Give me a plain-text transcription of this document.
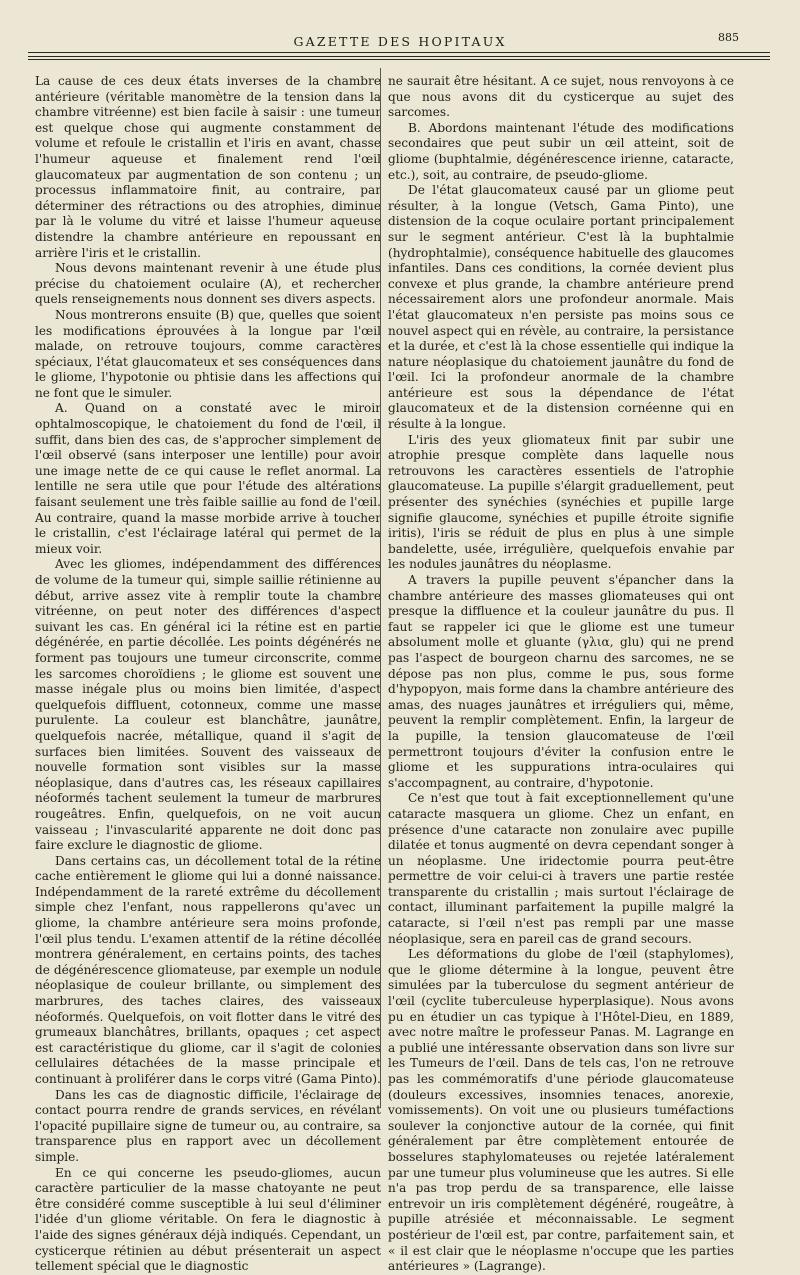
GAZETTE DES HOPITAUX	885

La cause de ces deux états inverses de la chambre antérieure (véritable manomètre de la tension dans la chambre vitréenne) est bien facile à saisir : une tumeur est quelque chose qui augmente constamment de volume et refoule le cristallin et l'iris en avant, chasse l'humeur aqueuse et finalement rend l'œil glaucomateux par augmentation de son contenu ; un processus inflammatoire finit, au contraire, par déterminer des rétractions ou des atrophies, diminue par là le volume du vitré et laisse l'humeur aqueuse distendre la chambre antérieure en repoussant en arrière l'iris et le cristallin.

Nous devons maintenant revenir à une étude plus précise du chatoiement oculaire (A), et rechercher quels renseignements nous donnent ses divers aspects.

Nous montrerons ensuite (B) que, quelles que soient les modifications éprouvées à la longue par l'œil malade, on retrouve toujours, comme caractères spéciaux, l'état glaucomateux et ses conséquences dans le gliome, l'hypotonie ou phtisie dans les affections qui ne font que le simuler.

A. Quand on a constaté avec le miroir ophtalmoscopique, le chatoiement du fond de l'œil, il suffit, dans bien des cas, de s'approcher simplement de l'œil observé (sans interposer une lentille) pour avoir une image nette de ce qui cause le reflet anormal. La lentille ne sera utile que pour l'étude des altérations faisant seulement une très faible saillie au fond de l'œil. Au contraire, quand la masse morbide arrive à toucher le cristallin, c'est l'éclairage latéral qui permet de la mieux voir.

Avec les gliomes, indépendamment des différences de volume de la tumeur qui, simple saillie rétinienne au début, arrive assez vite à remplir toute la chambre vitréenne, on peut noter des différences d'aspect suivant les cas. En général ici la rétine est en partie dégénérée, en partie décollée. Les points dégénérés ne forment pas toujours une tumeur circonscrite, comme les sarcomes choroïdiens ; le gliome est souvent une masse inégale plus ou moins bien limitée, d'aspect quelquefois diffluent, cotonneux, comme une masse purulente. La couleur est blanchâtre, jaunâtre, quelquefois nacrée, métallique, quand il s'agit de surfaces bien limitées. Souvent des vaisseaux de nouvelle formation sont visibles sur la masse néoplasique, dans d'autres cas, les réseaux capillaires néoformés tachent seulement la tumeur de marbrures rougeâtres. Enfin, quelquefois, on ne voit aucun vaisseau ; l'invascularité apparente ne doit donc pas faire exclure le diagnostic de gliome.

Dans certains cas, un décollement total de la rétine cache entièrement le gliome qui lui a donné naissance. Indépendamment de la rareté extrême du décollement simple chez l'enfant, nous rappellerons qu'avec un gliome, la chambre antérieure sera moins profonde, l'œil plus tendu. L'examen attentif de la rétine décollée montrera généralement, en certains points, des taches de dégénérescence gliomateuse, par exemple un nodule néoplasique de couleur brillante, ou simplement des marbrures, des taches claires, des vaisseaux néoformés. Quelquefois, on voit flotter dans le vitré des grumeaux blanchâtres, brillants, opaques ; cet aspect est caractéristique du gliome, car il s'agit de colonies cellulaires détachées de la masse principale et continuant à proliférer dans le corps vitré (Gama Pinto).

Dans les cas de diagnostic difficile, l'éclairage de contact pourra rendre de grands services, en révélant l'opacité pupillaire signe de tumeur ou, au contraire, sa transparence plus en rapport avec un décollement simple.

En ce qui concerne les pseudo-gliomes, aucun caractère particulier de la masse chatoyante ne peut être considéré comme susceptible à lui seul d'éliminer l'idée d'un gliome véritable. On fera le diagnostic à l'aide des signes généraux déjà indiqués. Cependant, un cysticerque rétinien au début présenterait un aspect tellement spécial que le diagnostic

ne saurait être hésitant. A ce sujet, nous renvoyons à ce que nous avons dit du cysticerque au sujet des sarcomes.

B. Abordons maintenant l'étude des modifications secondaires que peut subir un œil atteint, soit de gliome (buphtalmie, dégénérescence irienne, cataracte, etc.), soit, au contraire, de pseudo-gliome.

De l'état glaucomateux causé par un gliome peut résulter, à la longue (Vetsch, Gama Pinto), une distension de la coque oculaire portant principalement sur le segment antérieur. C'est là la buphtalmie (hydrophtalmie), conséquence habituelle des glaucomes infantiles. Dans ces conditions, la cornée devient plus convexe et plus grande, la chambre antérieure prend nécessairement alors une profondeur anormale. Mais l'état glaucomateux n'en persiste pas moins sous ce nouvel aspect qui en révèle, au contraire, la persistance et la durée, et c'est là la chose essentielle qui indique la nature néoplasique du chatoiement jaunâtre du fond de l'œil. Ici la profondeur anormale de la chambre antérieure est sous la dépendance de l'état glaucomateux et de la distension cornéenne qui en résulte à la longue.

L'iris des yeux gliomateux finit par subir une atrophie presque complète dans laquelle nous retrouvons les caractères essentiels de l'atrophie glaucomateuse. La pupille s'élargit graduellement, peut présenter des synéchies (synéchies et pupille large signifie glaucome, synéchies et pupille étroite signifie iritis), l'iris se réduit de plus en plus à une simple bandelette, usée, irrégulière, quelquefois envahie par les nodules jaunâtres du néoplasme.

A travers la pupille peuvent s'épancher dans la chambre antérieure des masses gliomateuses qui ont presque la diffluence et la couleur jaunâtre du pus. Il faut se rappeler ici que le gliome est une tumeur absolument molle et gluante (γλια, glu) qui ne prend pas l'aspect de bourgeon charnu des sarcomes, ne se dépose pas non plus, comme le pus, sous forme d'hypopyon, mais forme dans la chambre antérieure des amas, des nuages jaunâtres et irréguliers qui, même, peuvent la remplir complètement. Enfin, la largeur de la pupille, la tension glaucomateuse de l'œil permettront toujours d'éviter la confusion entre le gliome et les suppurations intra-oculaires qui s'accompagnent, au contraire, d'hypotonie.

Ce n'est que tout à fait exceptionnellement qu'une cataracte masquera un gliome. Chez un enfant, en présence d'une cataracte non zonulaire avec pupille dilatée et tonus augmenté on devra cependant songer à un néoplasme. Une iridectomie pourra peut-être permettre de voir celui-ci à travers une partie restée transparente du cristallin ; mais surtout l'éclairage de contact, illuminant parfaitement la pupille malgré la cataracte, si l'œil n'est pas rempli par une masse néoplasique, sera en pareil cas de grand secours.

Les déformations du globe de l'œil (staphylomes), que le gliome détermine à la longue, peuvent être simulées par la tuberculose du segment antérieur de l'œil (cyclite tuberculeuse hyperplasique). Nous avons pu en étudier un cas typique à l'Hôtel-Dieu, en 1889, avec notre maître le professeur Panas. M. Lagrange en a publié une intéressante observation dans son livre sur les Tumeurs de l'œil. Dans de tels cas, l'on ne retrouve pas les commémoratifs d'une période glaucomateuse (douleurs excessives, insomnies tenaces, anorexie, vomissements). On voit une ou plusieurs tuméfactions soulever la conjonctive autour de la cornée, qui finit généralement par être complètement entourée de bosselures staphylomateuses ou rejetée latéralement par une tumeur plus volumineuse que les autres. Si elle n'a pas trop perdu de sa transparence, elle laisse entrevoir un iris complètement dégénéré, rougeâtre, à pupille atrésiée et méconnaissable. Le segment postérieur de l'œil est, par contre, parfaitement sain, et « il est clair que le néoplasme n'occupe que les parties antérieures » (Lagrange).
